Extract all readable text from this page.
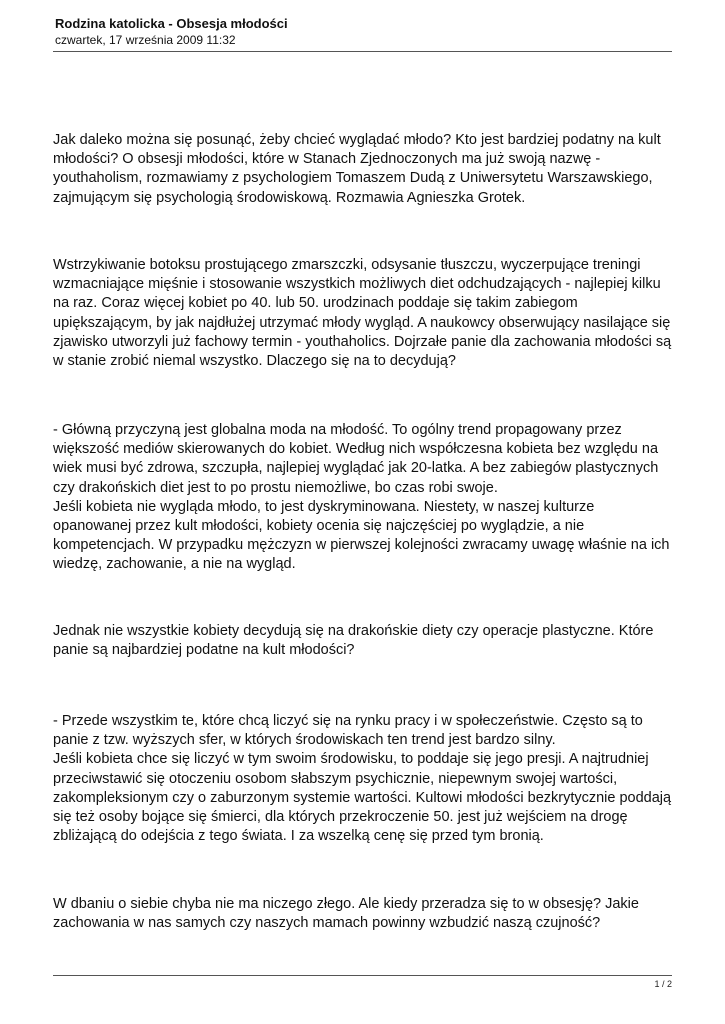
Rodzina katolicka - Obsesja młodości
czwartek, 17 września 2009 11:32

Jak daleko można się posunąć, żeby chcieć wyglądać młodo? Kto jest bardziej podatny na kult młodości? O obsesji młodości, które w Stanach Zjednoczonych ma już swoją nazwę - youthaholism, rozmawiamy z psychologiem Tomaszem Dudą z Uniwersytetu Warszawskiego, zajmującym się psychologią środowiskową. Rozmawia Agnieszka Grotek.

Wstrzykiwanie botoksu prostującego zmarszczki, odsysanie tłuszczu, wyczerpujące treningi wzmacniające mięśnie i stosowanie wszystkich możliwych diet odchudzających - najlepiej kilku na raz. Coraz więcej kobiet po 40. lub 50. urodzinach poddaje się takim zabiegom upiększającym, by jak najdłużej utrzymać młody wygląd. A naukowcy obserwujący nasilające się zjawisko utworzyli już fachowy termin - youthaholics. Dojrzałe panie dla zachowania młodości są w stanie zrobić niemal wszystko. Dlaczego się na to decydują?

- Główną przyczyną jest globalna moda na młodość. To ogólny trend propagowany przez większość mediów skierowanych do kobiet. Według nich współczesna kobieta bez względu na wiek musi być zdrowa, szczupła, najlepiej wyglądać jak 20-latka. A bez zabiegów plastycznych czy drakońskich diet jest to po prostu niemożliwe, bo czas robi swoje.
Jeśli kobieta nie wygląda młodo, to jest dyskryminowana. Niestety, w naszej kulturze opanowanej przez kult młodości, kobiety ocenia się najczęściej po wyglądzie, a nie kompetencjach. W przypadku mężczyzn w pierwszej kolejności zwracamy uwagę właśnie na ich wiedzę, zachowanie, a nie na wygląd.

Jednak nie wszystkie kobiety decydują się na drakońskie diety czy operacje plastyczne. Które panie są najbardziej podatne na kult młodości?

- Przede wszystkim te, które chcą liczyć się na rynku pracy i w społeczeństwie. Często są to panie z tzw. wyższych sfer, w których środowiskach ten trend jest bardzo silny.
Jeśli kobieta chce się liczyć w tym swoim środowisku, to poddaje się jego presji. A najtrudniej przeciwstawić się otoczeniu osobom słabszym psychicznie, niepewnym swojej wartości, zakompleksionym czy o zaburzonym systemie wartości. Kultowi młodości bezkrytycznie poddają się też osoby bojące się śmierci, dla których przekroczenie 50. jest już wejściem na drogę zbliżającą do odejścia z tego świata. I za wszelką cenę się przed tym bronią.

W dbaniu o siebie chyba nie ma niczego złego. Ale kiedy przeradza się to w obsesję? Jakie zachowania w nas samych czy naszych mamach powinny wzbudzić naszą czujność?

1 / 2
